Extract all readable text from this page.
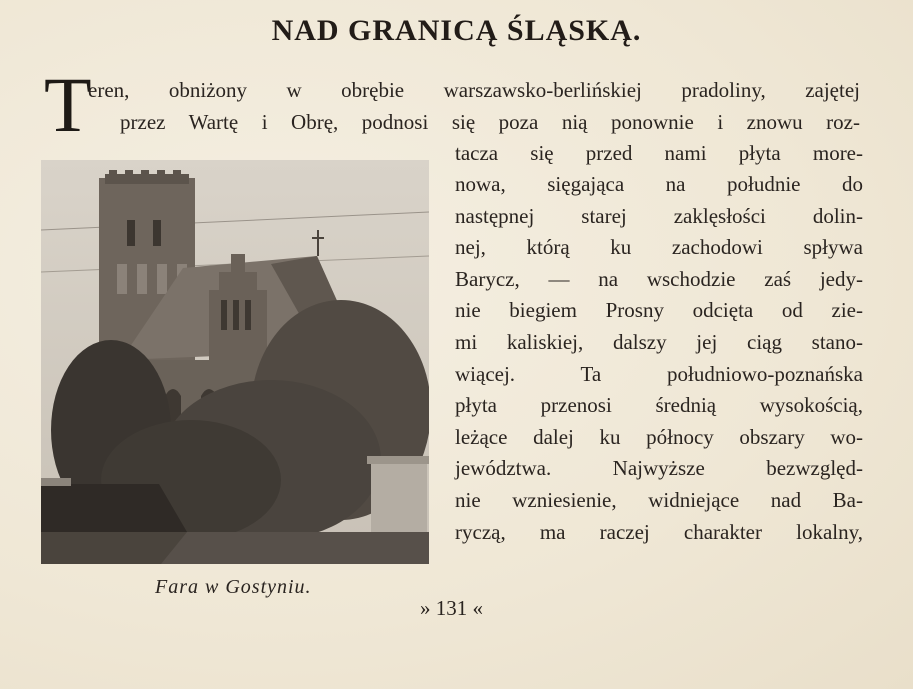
NAD GRANICĄ ŚLĄSKĄ.
T
eren, obniżony w obrębie warszawsko-berlińskiej pradoliny, zajętej
przez Wartę i Obrę, podnosi się poza nią ponownie i znowu roz-
tacza się przed nami płyta more-
nowa, sięgająca na południe do
następnej starej zaklęsłości dolin-
nej, którą ku zachodowi spływa
Barycz, — na wschodzie zaś jedy-
nie biegiem Prosny odcięta od zie-
mi kaliskiej, dalszy jej ciąg stano-
wiącej. Ta południowo-poznańska
płyta przenosi średnią wysokością,
leżące dalej ku północy obszary wo-
jewództwa. Najwyższe bezwzględ-
nie wzniesienie, widniejące nad Ba-
ryczą, ma raczej charakter lokalny,
Fara w Gostyniu.
» 131 «
